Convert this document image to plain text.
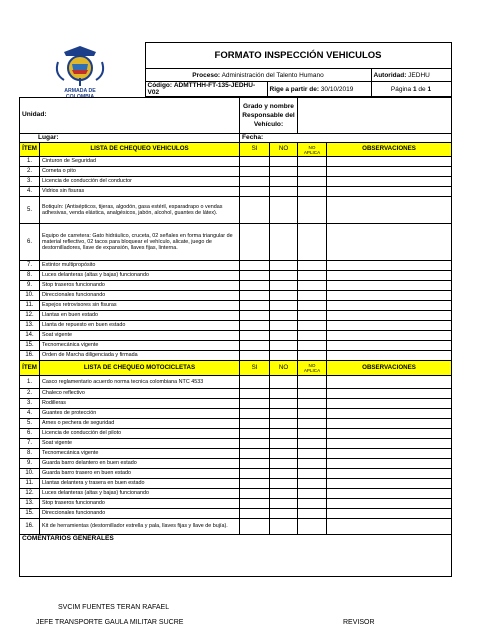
ARMADA DE COLOMBIA
	FORMATO INSPECCIÓN VEHICULOS		
	Proceso: Administración del Talento Humano		Autoridad: JEDHU
	Código: ADMTTHH-FT-135-JEDHU-V02	Rige a partir de: 30/10/2019	Página 1 de 1
Unidad:		Grado y nombre Responsable del Vehículo:			
Lugar:		Fecha:			
ÍTEM	LISTA DE CHEQUEO VEHICULOS	SI	NO	NO APLICA	OBSERVACIONES
1.	Cinturon de Seguridad				
2.	Corneta o pito				
3.	Licencia de conducción del conductor				
4.	Vidrios sin fisuras				
5.	Botiquín: (Antisépticos, tijeras, algodón, gasa estéril, esparadrapo o vendas adhesivas, venda elástica, analgésicos, jabón, alcohol, guantes de látex).				
6.	Equipo de carretera: Gato hidráulico, cruceta, 02 señales en forma triangular de material reflectivo, 02 tacos para bloquear el vehículo, alicate, juego de destornilladores, llave de expansión, llaves fijas, linterna.				
7.	Extintor multipropósito				
8.	Luces delanteras (altas y bajas) funcionando				
9.	Stop traseros funcionando				
10.	Direccionales funcionando				
11.	Espejos retrovisores sin fisuras				
12.	Llantas en buen estado				
13.	Llanta de repuesto en buen estado				
14.	Soat vigente				
15.	Tecnomecánica vigente				
16.	Orden de Marcha diligenciada y firmada				
ÍTEM	LISTA DE CHEQUEO MOTOCICLETAS	SI	NO	NO APLICA	OBSERVACIONES
1.	Casco reglamentario acuerdo norma tecnica colombiana NTC 4533				
2.	Chaleco reflectivo				
3.	Rodilleras				
4.	Guantes de protección				
5.	Arnes o pechera de seguridad				
6.	Licencia de conducción del piloto				
7.	Soat vigente				
8.	Tecnomecánica vigente				
9.	Guarda barro delantero en buen estado				
10.	Guarda barro trasero en buen estado				
11.	Llantas delantera y trasera en buen estado				
12.	Luces delanteras (altas y bajas) funcionando				
13.	Stop traseros funcionando				
15.	Direccionales funcionando				
16.	Kit de herramientas (destornillador estrella y pala, llaves fijas y llave de bujía).				
COMENTARIOS GENERALES					

SVCIM FUENTES TERAN RAFAEL
JEFE TRANSPORTE GAULA MILITAR SUCRE	REVISOR
